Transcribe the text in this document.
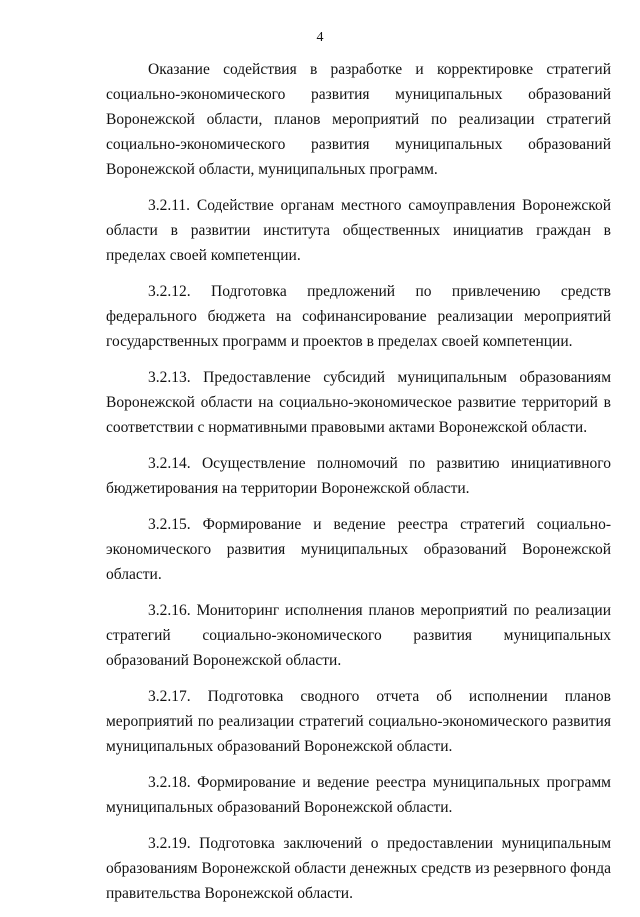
4

Оказание содействия в разработке и корректировке стратегий социально-экономического развития муниципальных образований Воронежской области, планов мероприятий по реализации стратегий социально-экономического развития муниципальных образований Воронежской области, муниципальных программ.

3.2.11. Содействие органам местного самоуправления Воронежской области в развитии института общественных инициатив граждан в пределах своей компетенции.

3.2.12. Подготовка предложений по привлечению средств федерального бюджета на софинансирование реализации мероприятий государственных программ и проектов в пределах своей компетенции.

3.2.13. Предоставление субсидий муниципальным образованиям Воронежской области на социально-экономическое развитие территорий в соответствии с нормативными правовыми актами Воронежской области.

3.2.14. Осуществление полномочий по развитию инициативного бюджетирования на территории Воронежской области.

3.2.15. Формирование и ведение реестра стратегий социально-экономического развития муниципальных образований Воронежской области.

3.2.16. Мониторинг исполнения планов мероприятий по реализации стратегий социально-экономического развития муниципальных образований Воронежской области.

3.2.17. Подготовка сводного отчета об исполнении планов мероприятий по реализации стратегий социально-экономического развития муниципальных образований Воронежской области.

3.2.18. Формирование и ведение реестра муниципальных программ муниципальных образований Воронежской области.

3.2.19. Подготовка заключений о предоставлении муниципальным образованиям Воронежской области денежных средств из резервного фонда правительства Воронежской области.
